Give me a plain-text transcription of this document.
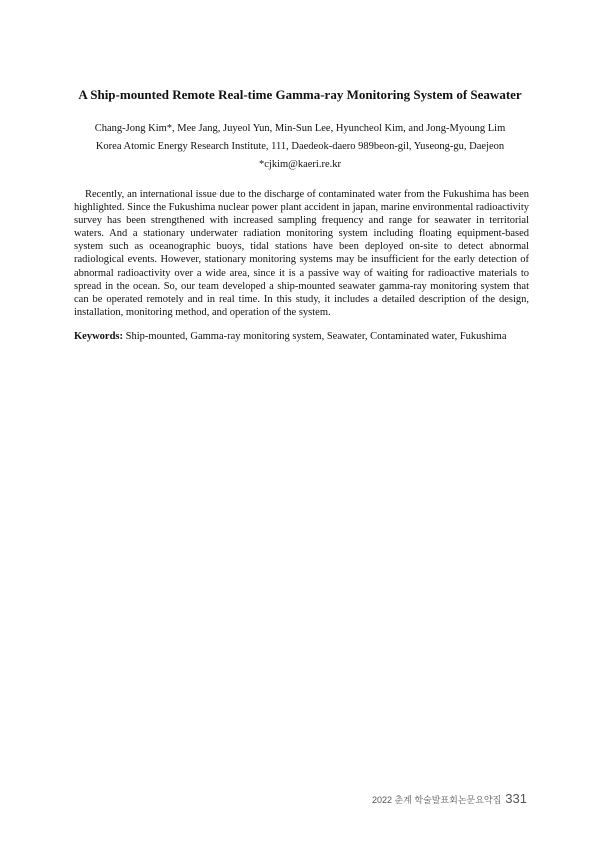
A Ship-mounted Remote Real-time Gamma-ray Monitoring System of Seawater
Chang-Jong Kim*, Mee Jang, Juyeol Yun, Min-Sun Lee, Hyuncheol Kim, and Jong-Myoung Lim
Korea Atomic Energy Research Institute, 111, Daedeok-daero 989beon-gil, Yuseong-gu, Daejeon
*cjkim@kaeri.re.kr

Recently, an international issue due to the discharge of contaminated water from the Fukushima has been highlighted. Since the Fukushima nuclear power plant accident in japan, marine environmental radioactivity survey has been strengthened with increased sampling frequency and range for seawater in territorial waters. And a stationary underwater radiation monitoring system including floating equipment-based system such as oceanographic buoys, tidal stations have been deployed on-site to detect abnormal radiological events. However, stationary monitoring systems may be insufficient for the early detection of abnormal radioactivity over a wide area, since it is a passive way of waiting for radioactive materials to spread in the ocean. So, our team developed a ship-mounted seawater gamma-ray monitoring system that can be operated remotely and in real time. In this study, it includes a detailed description of the design, installation, monitoring method, and operation of the system.

Keywords: Ship-mounted, Gamma-ray monitoring system, Seawater, Contaminated water, Fukushima

2022 춘계 학술발표회논문요약집 331
